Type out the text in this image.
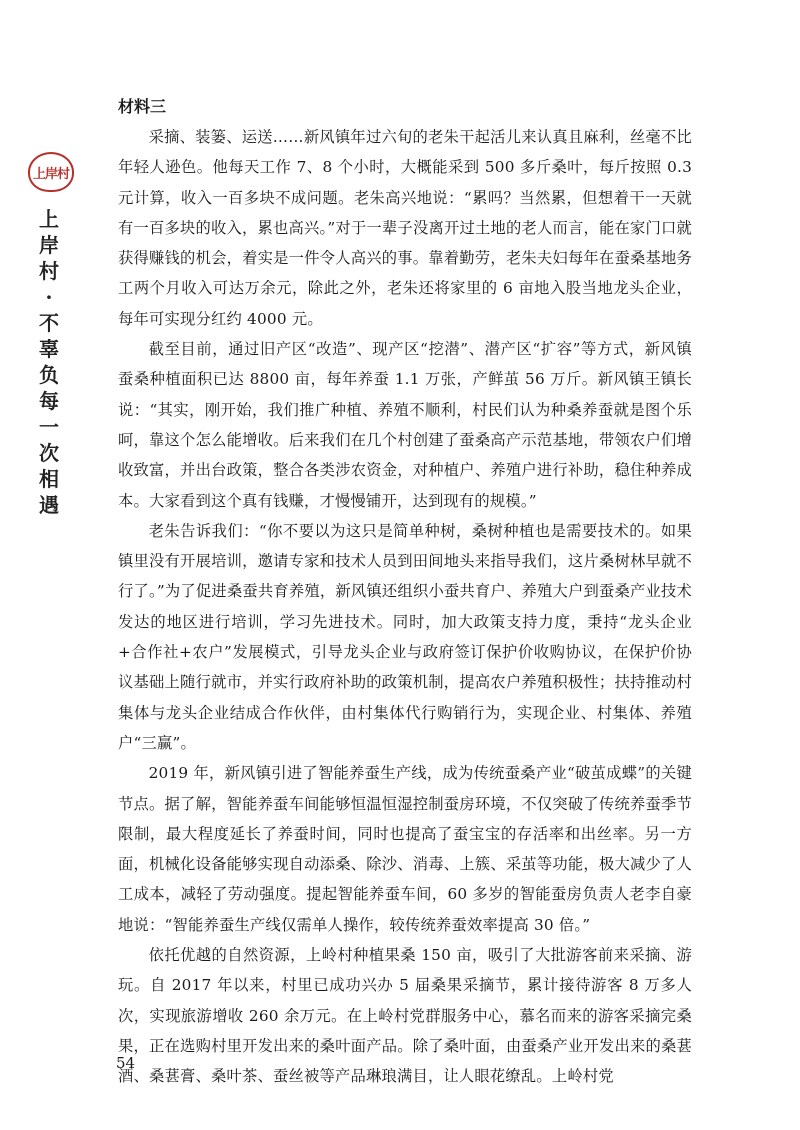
上岸村
上
岸
村
·
不
辜
负
每
一
次
相
遇

材料三

采摘、装篓、运送……新风镇年过六旬的老朱干起活儿来认真且麻利，丝毫不比年轻人逊色。他每天工作 7、8 个小时，大概能采到 500 多斤桑叶，每斤按照 0.3 元计算，收入一百多块不成问题。老朱高兴地说：“累吗？当然累，但想着干一天就有一百多块的收入，累也高兴。”对于一辈子没离开过土地的老人而言，能在家门口就获得赚钱的机会，着实是一件令人高兴的事。靠着勤劳，老朱夫妇每年在蚕桑基地务工两个月收入可达万余元，除此之外，老朱还将家里的 6 亩地入股当地龙头企业，每年可实现分红约 4000 元。

截至目前，通过旧产区“改造”、现产区“挖潜”、潜产区“扩容”等方式，新风镇蚕桑种植面积已达 8800 亩，每年养蚕 1.1 万张，产鲜茧 56 万斤。新风镇王镇长说：“其实，刚开始，我们推广种植、养殖不顺利，村民们认为种桑养蚕就是图个乐呵，靠这个怎么能增收。后来我们在几个村创建了蚕桑高产示范基地，带领农户们增收致富，并出台政策，整合各类涉农资金，对种植户、养殖户进行补助，稳住种养成本。大家看到这个真有钱赚，才慢慢铺开，达到现有的规模。”

老朱告诉我们：“你不要以为这只是简单种树，桑树种植也是需要技术的。如果镇里没有开展培训，邀请专家和技术人员到田间地头来指导我们，这片桑树林早就不行了。”为了促进桑蚕共育养殖，新风镇还组织小蚕共育户、养殖大户到蚕桑产业技术发达的地区进行培训，学习先进技术。同时，加大政策支持力度，秉持“龙头企业+合作社+农户”发展模式，引导龙头企业与政府签订保护价收购协议，在保护价协议基础上随行就市，并实行政府补助的政策机制，提高农户养殖积极性；扶持推动村集体与龙头企业结成合作伙伴，由村集体代行购销行为，实现企业、村集体、养殖户“三赢”。

2019 年，新风镇引进了智能养蚕生产线，成为传统蚕桑产业“破茧成蝶”的关键节点。据了解，智能养蚕车间能够恒温恒湿控制蚕房环境，不仅突破了传统养蚕季节限制，最大程度延长了养蚕时间，同时也提高了蚕宝宝的存活率和出丝率。另一方面，机械化设备能够实现自动添桑、除沙、消毒、上簇、采茧等功能，极大减少了人工成本，减轻了劳动强度。提起智能养蚕车间，60 多岁的智能蚕房负责人老李自豪地说：“智能养蚕生产线仅需单人操作，较传统养蚕效率提高 30 倍。”

依托优越的自然资源，上岭村种植果桑 150 亩，吸引了大批游客前来采摘、游玩。自 2017 年以来，村里已成功兴办 5 届桑果采摘节，累计接待游客 8 万多人次，实现旅游增收 260 余万元。在上岭村党群服务中心，慕名而来的游客采摘完桑果，正在选购村里开发出来的桑叶面产品。除了桑叶面，由蚕桑产业开发出来的桑葚酒、桑葚膏、桑叶茶、蚕丝被等产品琳琅满目，让人眼花缭乱。上岭村党

54
